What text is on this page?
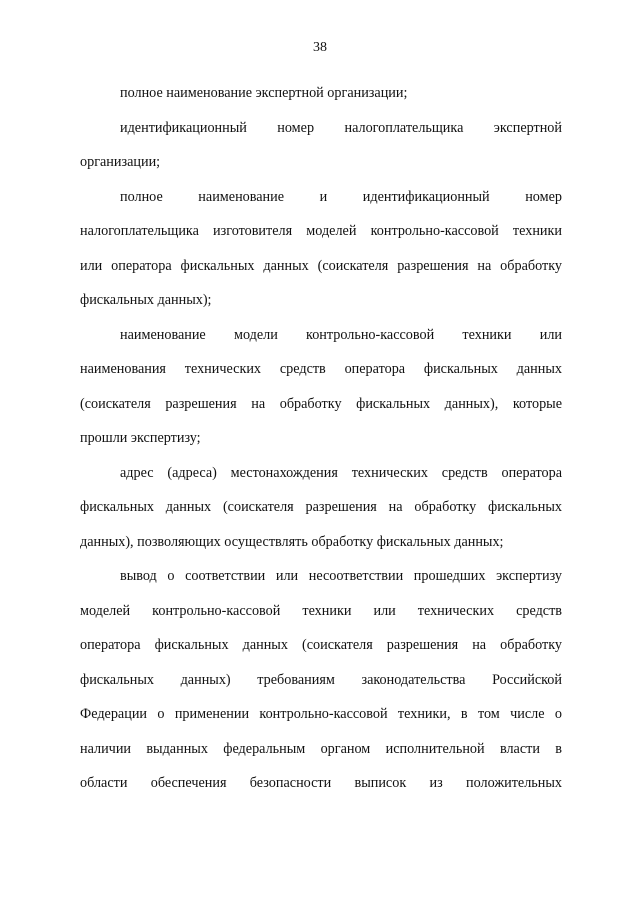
38
полное наименование экспертной организации;
идентификационный номер налогоплательщика экспертной
организации;
полное наименование и идентификационный номер
налогоплательщика изготовителя моделей контрольно-кассовой техники
или оператора фискальных данных (соискателя разрешения на обработку
фискальных данных);
наименование модели контрольно-кассовой техники или
наименования технических средств оператора фискальных данных
(соискателя разрешения на обработку фискальных данных), которые
прошли экспертизу;
адрес (адреса) местонахождения технических средств оператора
фискальных данных (соискателя разрешения на обработку фискальных
данных), позволяющих осуществлять обработку фискальных данных;
вывод о соответствии или несоответствии прошедших экспертизу
моделей контрольно-кассовой техники или технических средств
оператора фискальных данных (соискателя разрешения на обработку
фискальных данных) требованиям законодательства Российской
Федерации о применении контрольно-кассовой техники, в том числе о
наличии выданных федеральным органом исполнительной власти в
области обеспечения безопасности выписок из положительных
